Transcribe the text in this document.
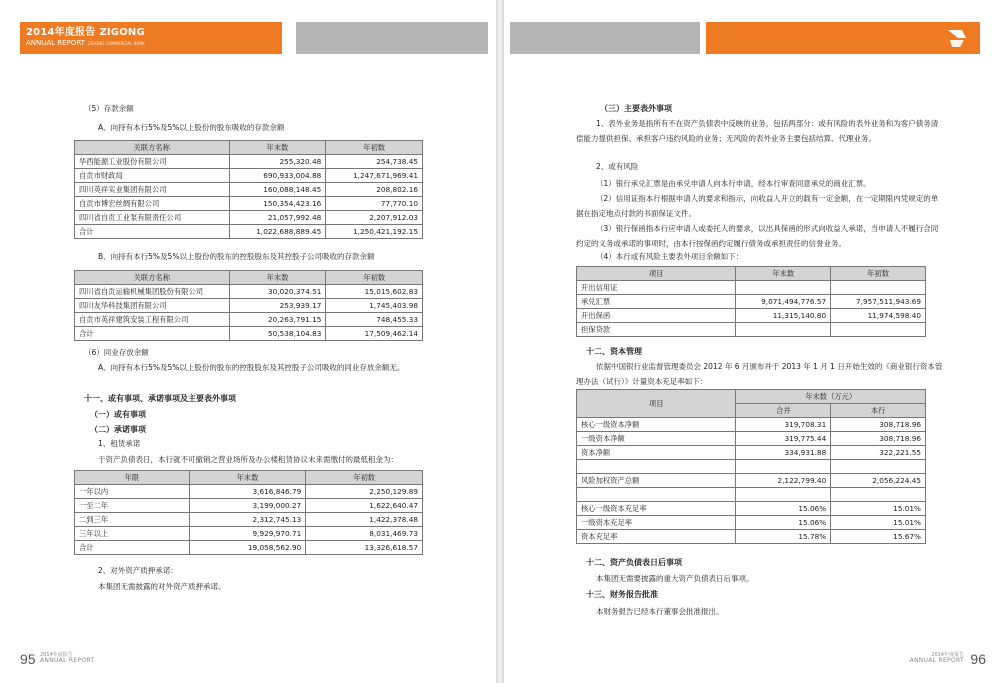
2014年度报告 ZIGONG
ANNUAL REPORT ZIGONG COMMERCIAL BANK
（5）存款余额
A、向持有本行5%及5%以上股份的股东吸收的存款余额
关联方名称	年末数	年初数
华西能源工业股份有限公司	255,320.48	254,738.45
自贡市财政局	690,933,004.88	1,247,671,969.41
四川英祥实业集团有限公司	160,088,148.45	208,802.16
自贡市博宏丝绸有限公司	150,354,423.16	77,770.10
四川省自贡工业泵有限责任公司	21,057,992.48	2,207,912.03
合计	1,022,688,889.45	1,250,421,192.15
B、向持有本行5%及5%以上股份的股东的控股股东及其控股子公司吸收的存款余额
关联方名称	年末数	年初数
四川省自贡运输机械集团股份有限公司	30,020,374.51	15,015,602.83
四川友华科技集团有限公司	253,939.17	1,745,403.98
自贡市英祥建筑安装工程有限公司	20,263,791.15	748,455.33
合计	50,538,104.83	17,509,462.14
（6）同业存放余额
A、向持有本行5%及5%以上股份的股东的控股股东及其控股子公司吸收的同业存放余额无。
十一、或有事项、承诺事项及主要表外事项
（一）或有事项
（二）承诺事项
1、租赁承诺
于资产负债表日，本行就不可撤销之营业场所及办公楼租赁协议未来需缴付的最低租金为：
年限	年末数	年初数
一年以内	3,616,846.79	2,250,129.89
一至二年	3,199,000.27	1,622,640.47
二到三年	2,312,745.13	1,422,378.48
三年以上	9,929,970.71	8,031,469.73
合计	19,058,562.90	13,326,618.57
2、对外资产质押承诺：
本集团无需披露的对外资产质押承诺。
95 2014年度报告
ANNUAL REPORT
（三）主要表外事项
1、表外业务是指所有不在资产负债表中反映的业务，包括两部分：或有风险的表外业务和为客户债务清偿能力提供担保、承担客户违约风险的业务；无风险的表外业务主要包括结算、代理业务。
2、或有风险
（1）银行承兑汇票是由承兑申请人向本行申请，经本行审查同意承兑的商业汇票。
（2）信用证指本行根据申请人的要求和指示，向收益人开立的载有一定金额，在一定期限内凭规定的单据在指定地点付款的书面保证文件。
（3）银行保函指本行应申请人或委托人的要求，以出具保函的形式向收益人承诺，当申请人不履行合同约定的义务或承诺的事项时，由本行按保函约定履行债务或承担责任的信誉业务。
（4）本行或有风险主要表外项目余额如下：
项目	年末数	年初数
开出信用证		
承兑汇票	9,071,494,776.57	7,957,511,943.69
开出保函	11,315,140.80	11,974,598.40
担保贷款		
十二、资本管理
依据中国银行业监督管理委员会 2012 年 6 月颁布并于 2013 年 1 月 1 日开始生效的《商业银行资本管理办法（试行）》计量资本充足率如下：
项目	年末数（万元）	
	合并	本行
核心一级资本净额	319,708.31	308,718.96
一级资本净额	319,775.44	308,718.96
资本净额	334,931.88	322,221.55

风险加权资产总额	2,122,799.40	2,056,224.45

核心一级资本充足率	15.06%	15.01%
一级资本充足率	15.06%	15.01%
资本充足率	15.78%	15.67%
十二、资产负债表日后事项
本集团无需要披露的重大资产负债表日后事项。
十三、财务报告批准
本财务报告已经本行董事会批准报出。
2014年度报告
ANNUAL REPORT 96
